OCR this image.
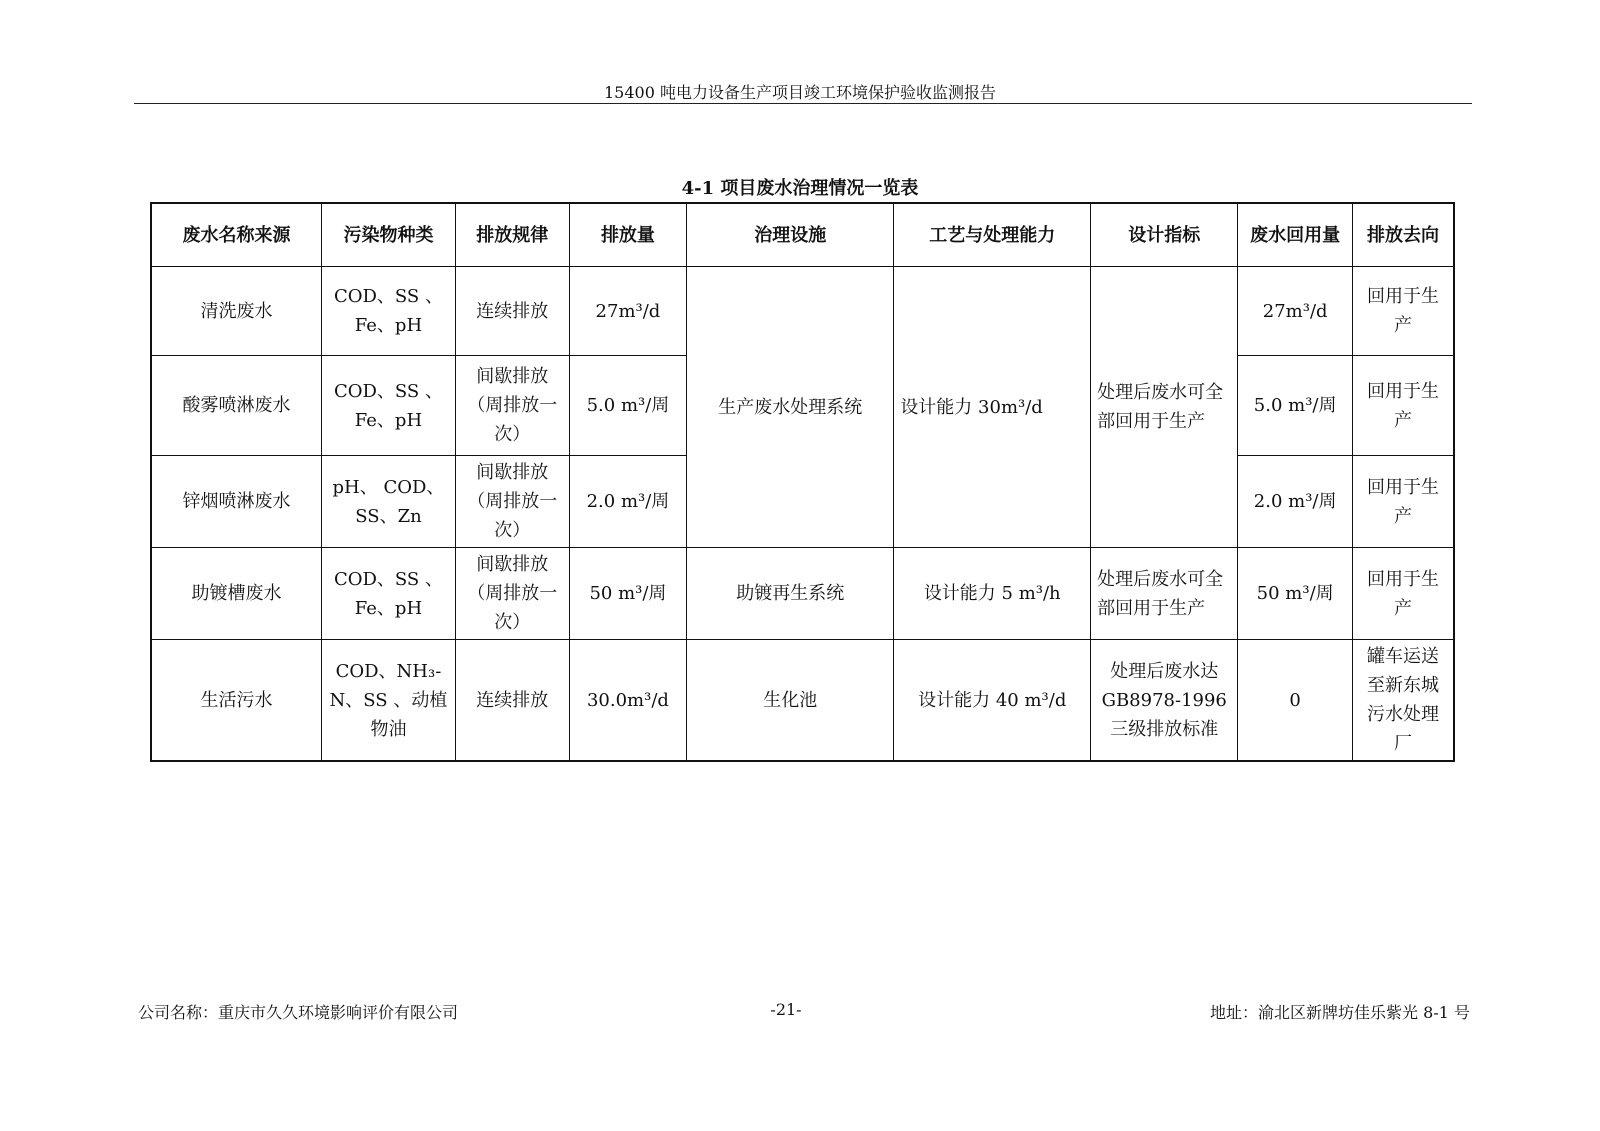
15400 吨电力设备生产项目竣工环境保护验收监测报告
4-1 项目废水治理情况一览表
废水名称来源	污染物种类	排放规律	排放量	治理设施	工艺与处理能力	设计指标	废水回用量	排放去向
清洗废水	COD、SS 、Fe、pH	连续排放	27m³/d	生产废水处理系统	设计能力 30m³/d	处理后废水可全部回用于生产	27m³/d	回用于生产
酸雾喷淋废水	COD、SS 、Fe、pH	间歇排放（周排放一次）	5.0 m³/周				5.0 m³/周	回用于生产
锌烟喷淋废水	pH、 COD、SS、Zn	间歇排放（周排放一次）	2.0 m³/周				2.0 m³/周	回用于生产
助镀槽废水	COD、SS 、Fe、pH	间歇排放（周排放一次）	50 m³/周	助镀再生系统	设计能力 5 m³/h	处理后废水可全部回用于生产	50 m³/周	回用于生产
生活污水	COD、NH₃-N、SS 、动植物油	连续排放	30.0m³/d	生化池	设计能力 40 m³/d	处理后废水达GB8978-1996三级排放标准	0	罐车运送至新东城污水处理厂
公司名称：重庆市久久环境影响评价有限公司	-21-	地址：渝北区新牌坊佳乐紫光 8-1 号
